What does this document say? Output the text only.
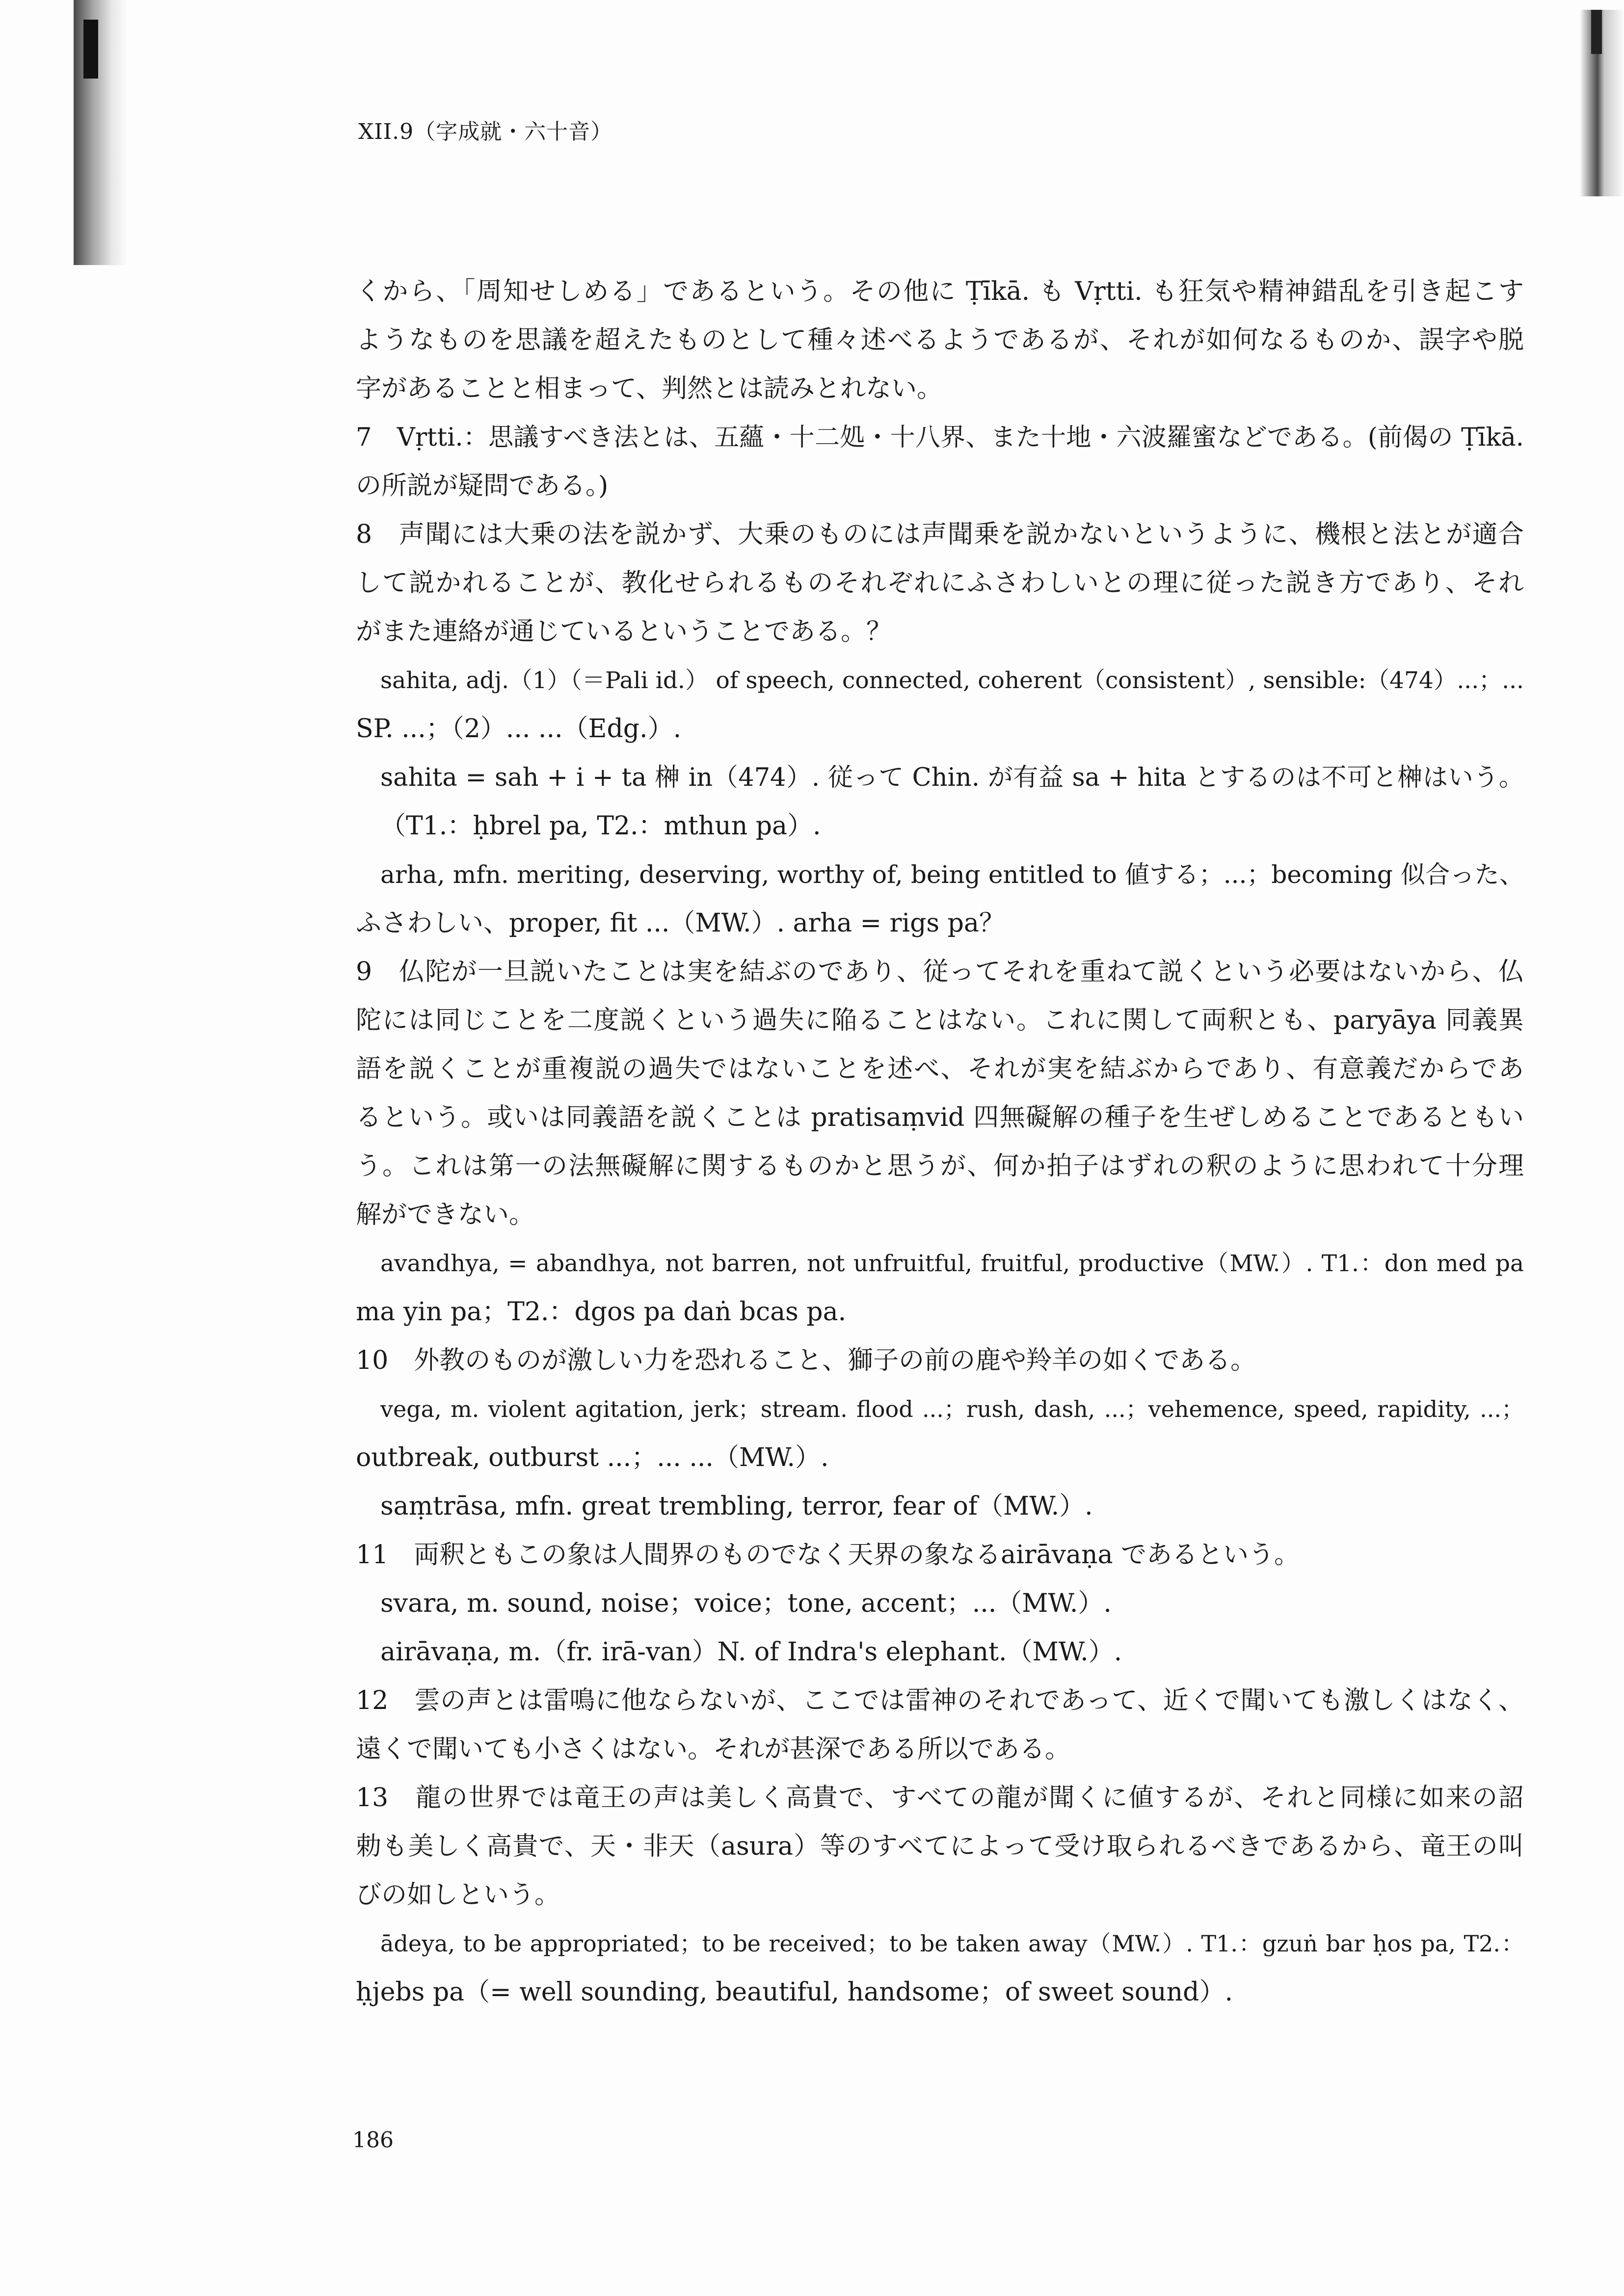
XII.9（字成就・六十音）
くから、「周知せしめる」であるという。その他に Ṭīkā. も Vṛtti. も狂気や精神錯乱を引き起こす
ようなものを思議を超えたものとして種々述べるようであるが、それが如何なるものか、誤字や脱
字があることと相まって、判然とは読みとれない。
7　Vṛtti.：思議すべき法とは、五蘊・十二処・十八界、また十地・六波羅蜜などである。(前偈の Ṭīkā.
の所説が疑問である。)
8　声聞には大乗の法を説かず、大乗のものには声聞乗を説かないというように、機根と法とが適合
して説かれることが、教化せられるものそれぞれにふさわしいとの理に従った説き方であり、それ
がまた連絡が通じているということである。？
sahita, adj.（1）（＝Pali id.） of speech, connected, coherent（consistent）, sensible:（474）...；...
SP. ...；（2）... ...（Edg.）.
sahita = sah + i + ta 榊 in（474）. 従って Chin. が有益 sa + hita とするのは不可と榊はいう。
（T1.：ḥbrel pa, T2.：mthun pa）.
arha, mfn. meriting, deserving, worthy of, being entitled to 値する；...；becoming 似合った、
ふさわしい、proper, fit ...（MW.）. arha = rigs pa？
9　仏陀が一旦説いたことは実を結ぶのであり、従ってそれを重ねて説くという必要はないから、仏
陀には同じことを二度説くという過失に陥ることはない。これに関して両釈とも、paryāya 同義異
語を説くことが重複説の過失ではないことを述べ、それが実を結ぶからであり、有意義だからであ
るという。或いは同義語を説くことは pratisaṃvid 四無礙解の種子を生ぜしめることであるともい
う。これは第一の法無礙解に関するものかと思うが、何か拍子はずれの釈のように思われて十分理
解ができない。
avandhya, = abandhya, not barren, not unfruitful, fruitful, productive（MW.）. T1.：don med pa
ma yin pa；T2.：dgos pa daṅ bcas pa.
10　外教のものが激しい力を恐れること、獅子の前の鹿や羚羊の如くである。
vega, m. violent agitation, jerk；stream. flood ...；rush, dash, ...；vehemence, speed, rapidity, ...；
outbreak, outburst ...；... ...（MW.）.
saṃtrāsa, mfn. great trembling, terror, fear of（MW.）.
11　両釈ともこの象は人間界のものでなく天界の象なるairāvaṇa であるという。
svara, m. sound, noise；voice；tone, accent；...（MW.）.
airāvaṇa, m.（fr. irā-van）N. of Indra's elephant.（MW.）.
12　雲の声とは雷鳴に他ならないが、ここでは雷神のそれであって、近くで聞いても激しくはなく、
遠くで聞いても小さくはない。それが甚深である所以である。
13　龍の世界では竜王の声は美しく高貴で、すべての龍が聞くに値するが、それと同様に如来の詔
勅も美しく高貴で、天・非天（asura）等のすべてによって受け取られるべきであるから、竜王の叫
びの如しという。
ādeya, to be appropriated；to be received；to be taken away（MW.）. T1.：gzuṅ bar ḥos pa, T2.：
ḥjebs pa（= well sounding, beautiful, handsome；of sweet sound）.
186
